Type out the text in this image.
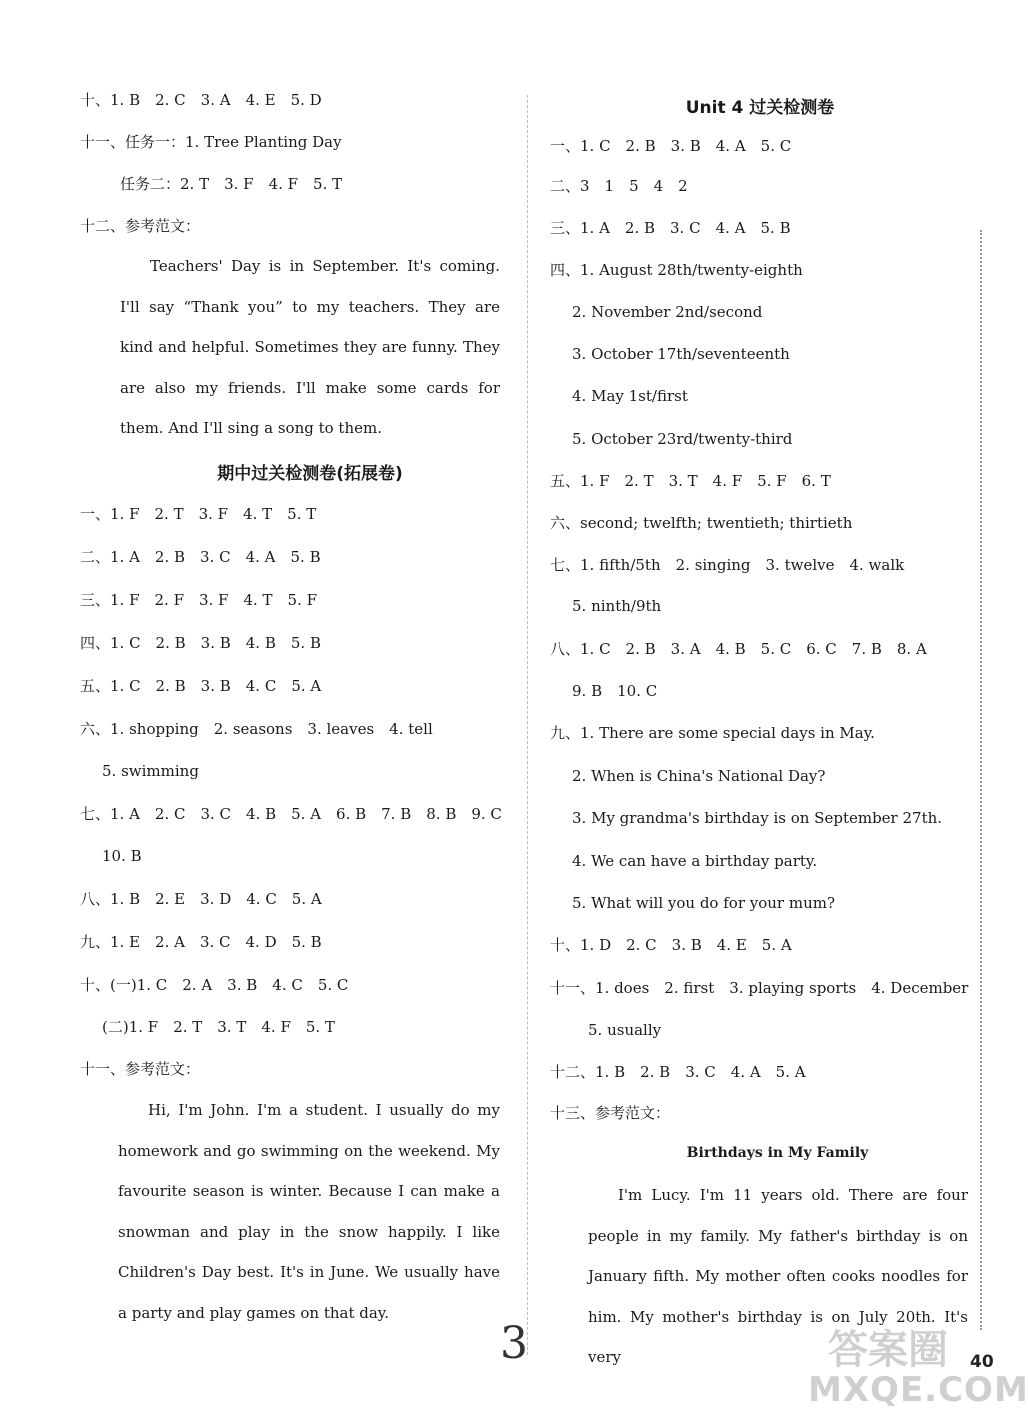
十、1. B　2. C　3. A　4. E　5. D
十一、任务一：1. Tree Planting Day
任务二：2. T　3. F　4. F　5. T
十二、参考范文：
Teachers' Day is in September. It's coming. I'll say “Thank you” to my teachers. They are kind and helpful. Sometimes they are funny. They are also my friends. I'll make some cards for them. And I'll sing a song to them.
期中过关检测卷(拓展卷)
一、1. F　2. T　3. F　4. T　5. T
二、1. A　2. B　3. C　4. A　5. B
三、1. F　2. F　3. F　4. T　5. F
四、1. C　2. B　3. B　4. B　5. B
五、1. C　2. B　3. B　4. C　5. A
六、1. shopping　2. seasons　3. leaves　4. tell
5. swimming
七、1. A　2. C　3. C　4. B　5. A　6. B　7. B　8. B　9. C
10. B
八、1. B　2. E　3. D　4. C　5. A
九、1. E　2. A　3. C　4. D　5. B
十、(一)1. C　2. A　3. B　4. C　5. C
(二)1. F　2. T　3. T　4. F　5. T
十一、参考范文：
Hi, I'm John. I'm a student. I usually do my homework and go swimming on the weekend. My favourite season is winter. Because I can make a snowman and play in the snow happily. I like Children's Day best. It's in June. We usually have a party and play games on that day.
Unit 4 过关检测卷
一、1. C　2. B　3. B　4. A　5. C
二、3　1　5　4　2
三、1. A　2. B　3. C　4. A　5. B
四、1. August 28th/twenty-eighth
2. November 2nd/second
3. October 17th/seventeenth
4. May 1st/first
5. October 23rd/twenty-third
五、1. F　2. T　3. T　4. F　5. F　6. T
六、second; twelfth; twentieth; thirtieth
七、1. fifth/5th　2. singing　3. twelve　4. walk
5. ninth/9th
八、1. C　2. B　3. A　4. B　5. C　6. C　7. B　8. A
9. B　10. C
九、1. There are some special days in May.
2. When is China's National Day?
3. My grandma's birthday is on September 27th.
4. We can have a birthday party.
5. What will you do for your mum?
十、1. D　2. C　3. B　4. E　5. A
十一、1. does　2. first　3. playing sports　4. December
5. usually
十二、1. B　2. B　3. C　4. A　5. A
十三、参考范文：
Birthdays in My Family
I'm Lucy. I'm 11 years old. There are four people in my family. My father's birthday is on January fifth. My mother often cooks noodles for him. My mother's birthday is on July 20th. It's very
3	40
答案圈
MXQE.COM
